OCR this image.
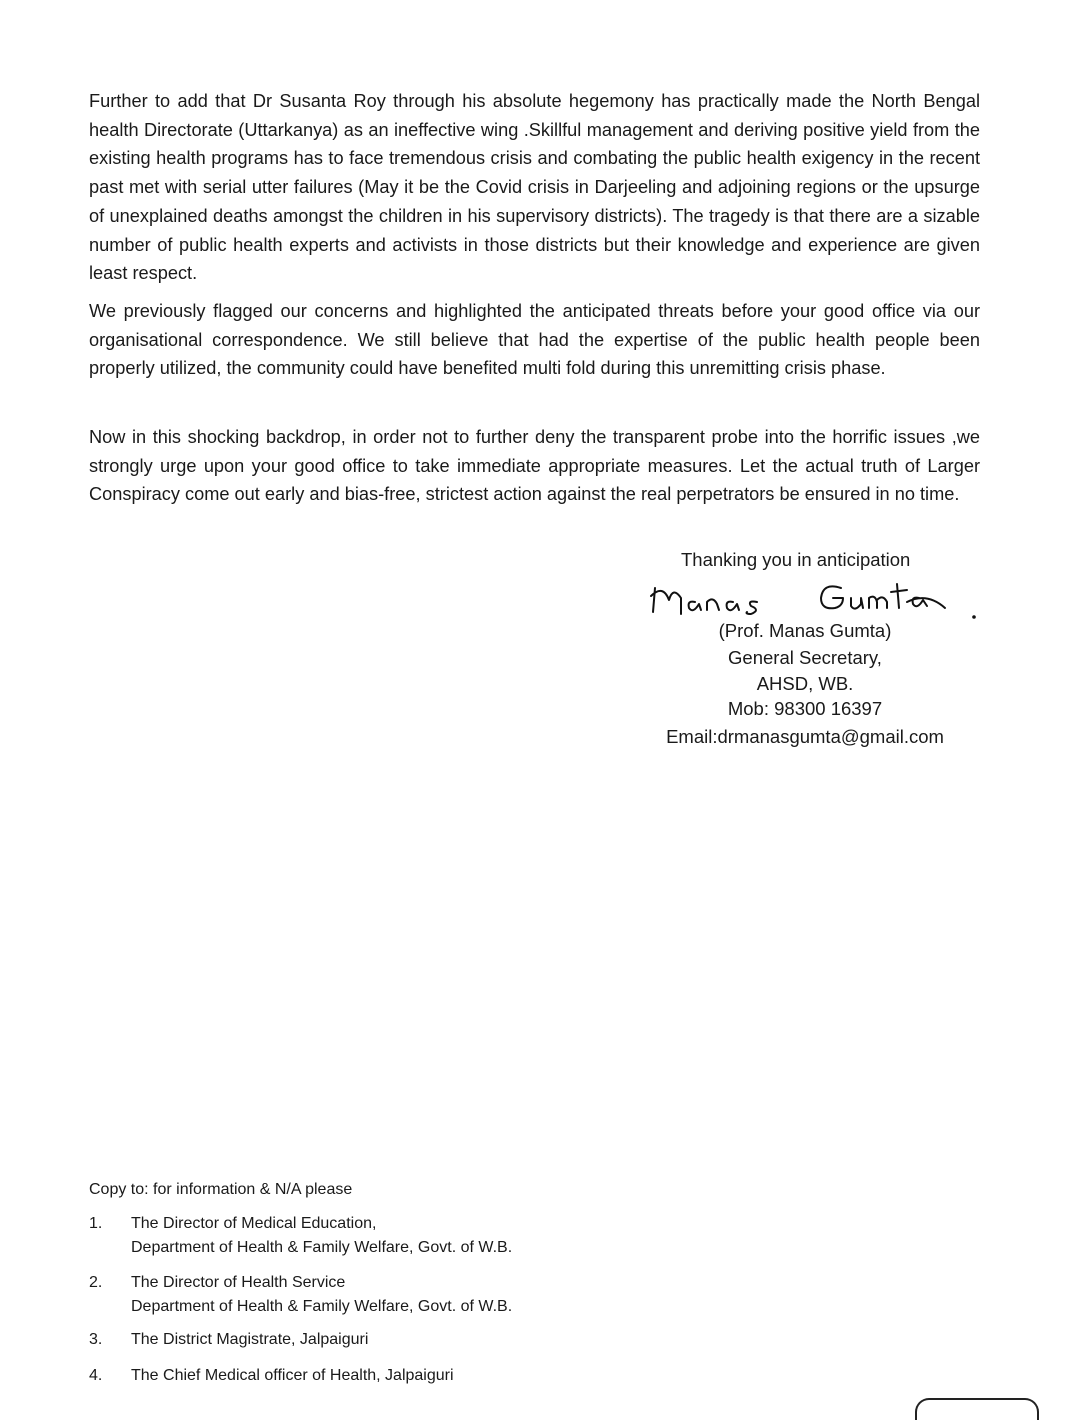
Further to add that Dr Susanta Roy through his absolute hegemony has practically made the North Bengal health Directorate (Uttarkanya) as an ineffective wing .Skillful management and deriving positive yield from the existing health programs has to face tremendous crisis and combating the public health exigency in the recent past met with serial utter failures (May it be the Covid crisis in Darjeeling and adjoining regions or the upsurge of unexplained deaths amongst the children in his supervisory districts). The tragedy is that there are a sizable number of public health experts and activists in those districts but their knowledge and experience are given least respect.

We previously flagged our concerns and highlighted the anticipated threats before your good office via our organisational correspondence. We still believe that had the expertise of the public health people been properly utilized, the community could have benefited multi fold during this unremitting crisis phase.

Now in this shocking backdrop, in order not to further deny the transparent probe into the horrific issues ,we strongly urge upon your good office to take immediate appropriate measures. Let the actual truth of Larger Conspiracy come out early and bias-free, strictest action against the real perpetrators be ensured in no time.

Thanking you in anticipation
(Prof. Manas Gumta)
General Secretary,
AHSD, WB.
Mob: 98300 16397
Email:drmanasgumta@gmail.com
Copy to: for information & N/A please
1.	The Director of Medical Education,
Department of Health & Family Welfare, Govt. of W.B.
2.	The Director of Health Service
Department of Health & Family Welfare, Govt. of W.B.
3.	The District Magistrate, Jalpaiguri
4.	The Chief Medical officer of Health, Jalpaiguri
